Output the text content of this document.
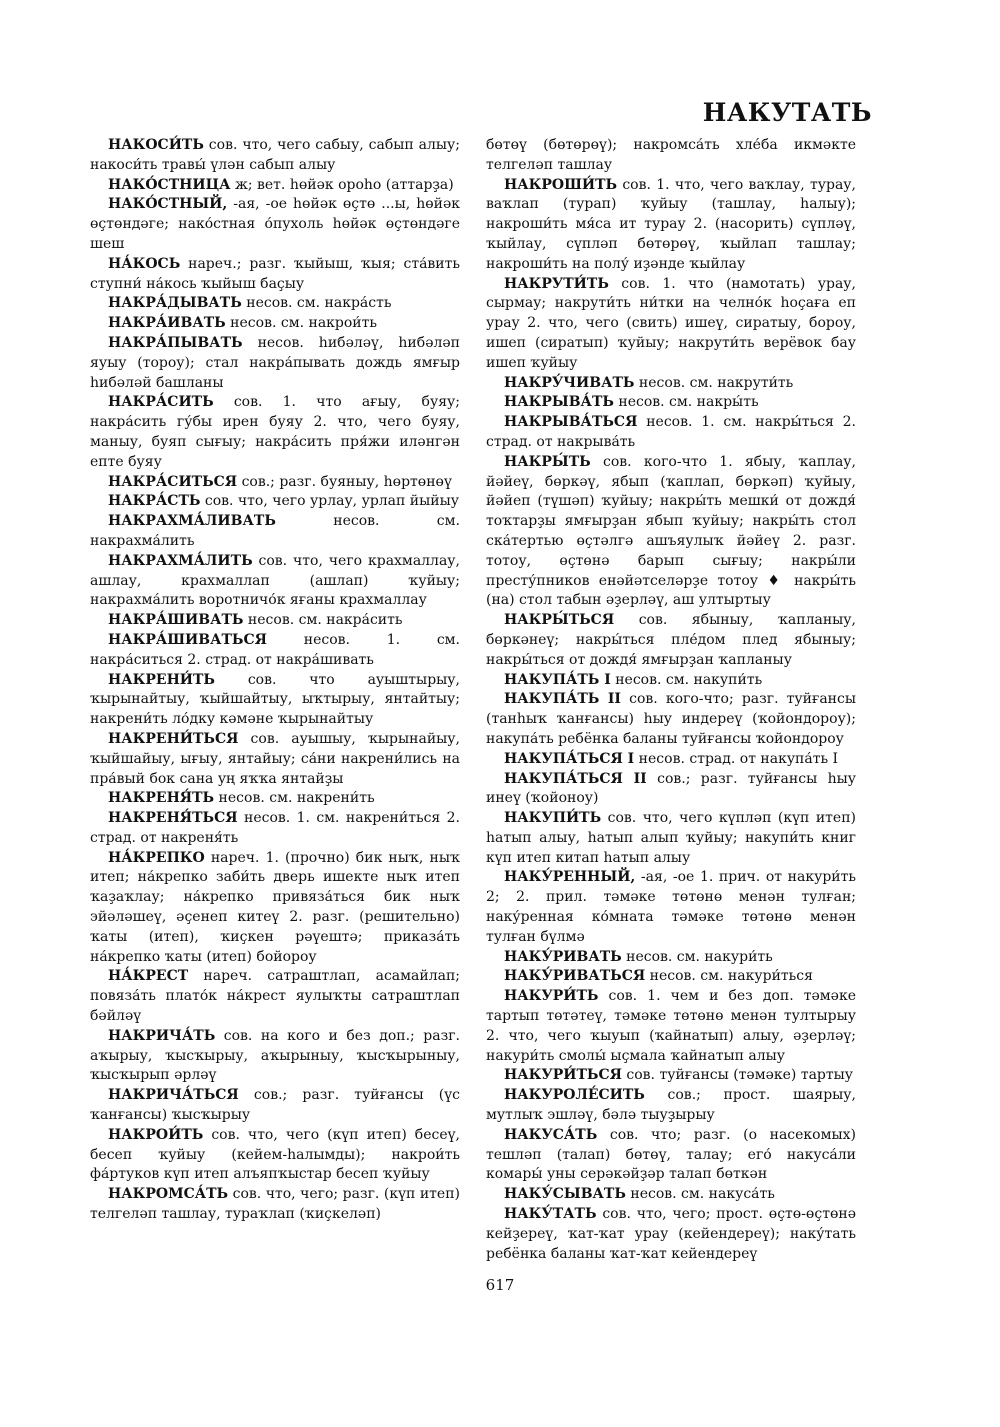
НАКУТАТЬ

НАКОСИ́ТЬ сов. что, чего сабыу, сабып алыу; накоси́ть травы́ үлән сабып алыу

НАКО́СТНИЦА ж; вет. һөйәк ороһо (аттарҙа)

НАКО́СТНЫЙ, -ая, -ое һөйәк өҫтө ...ы, һөйәк өҫтөндәге; нако́стная о́пухоль һөйәк өҫтөндәге шеш

НА́КОСЬ нареч.; разг. ҡыйыш, ҡыя; ста́вить ступни́ на́кось ҡыйыш баҫыу

НАКРА́ДЫВАТЬ несов. см. накра́сть

НАКРА́ИВАТЬ несов. см. накрои́ть

НАКРА́ПЫВАТЬ несов. һибәләү, һибәләп яуыу (тороу); стал накра́пывать дождь ямғыр һибәләй башланы

НАКРА́СИТЬ сов. 1. что ағыу, буяу; накра́сить гу́бы ирен буяу 2. что, чего буяу, маныу, буяп сығыу; накра́сить пря́жи иләнгән епте буяу

НАКРА́СИТЬСЯ сов.; разг. буяныу, һөртөнөү

НАКРА́СТЬ сов. что, чего урлау, урлап йыйыу

НАКРАХМА́ЛИВАТЬ несов. см. накрахма́лить

НАКРАХМА́ЛИТЬ сов. что, чего крахмаллау, ашлау, крахмаллап (ашлап) ҡуйыу; накрахма́лить воротничо́к яғаны крахмаллау

НАКРА́ШИВАТЬ несов. см. накра́сить

НАКРА́ШИВАТЬСЯ несов. 1. см. накра́ситься 2. страд. от накра́шивать

НАКРЕНИ́ТЬ сов. что ауыштырыу, ҡырынайтыу, ҡыйшайтыу, ыҡтырыу, янтайтыу; накрени́ть ло́дку кәмәне ҡырынайтыу

НАКРЕНИ́ТЬСЯ сов. ауышыу, ҡырынайыу, ҡыйшайыу, ығыу, янтайыу; са́ни накрени́лись на пра́вый бок сана уң яҡҡа янтайҙы

НАКРЕНЯ́ТЬ несов. см. накрени́ть

НАКРЕНЯ́ТЬСЯ несов. 1. см. накрени́ться 2. страд. от накреня́ть

НА́КРЕПКО нареч. 1. (прочно) бик ныҡ, ныҡ итеп; на́крепко заби́ть дверь ишекте ныҡ итеп ҡаҙаҡлау; на́крепко привяза́ться бик ныҡ эйәләшеү, әҫенеп китеү 2. разг. (решительно) ҡаты (итеп), ҡиҫкен рәүештә; приказа́ть на́крепко ҡаты (итеп) бойороу

НА́КРЕСТ нареч. сатраштлап, асамайлап; повяза́ть плато́к на́крест яулыҡты сатраштлап бәйләү

НАКРИЧА́ТЬ сов. на кого и без доп.; разг. аҡырыу, ҡысҡырыу, аҡырыныу, ҡысҡырыныу, ҡысҡырып әрләү

НАКРИЧА́ТЬСЯ сов.; разг. туйғансы (үс ҡанғансы) ҡысҡырыу

НАКРОИ́ТЬ сов. что, чего (күп итеп) бесеү, бесеп ҡуйыу (кейем-һалымды); накрои́ть фа́ртуков күп итеп алъяпҡыстар бесеп ҡуйыу

НАКРОМСА́ТЬ сов. что, чего; разг. (күп итеп) телгеләп ташлау, тураҡлап (ҡиҫкеләп)

бөтөү (бөтөрөү); накромса́ть хле́ба икмәкте телгеләп ташлау

НАКРОШИ́ТЬ сов. 1. что, чего ваҡлау, турау, ваҡлап (турап) ҡуйыу (ташлау, һалыу); накроши́ть мя́са ит турау 2. (насорить) сүпләү, ҡыйлау, сүпләп бөтөрөү, ҡыйлап ташлау; накроши́ть на полу́ иҙәнде ҡыйлау

НАКРУТИ́ТЬ сов. 1. что (намотать) урау, сырмау; накрути́ть ни́тки на челно́к һоҫаға еп урау 2. что, чего (свить) ишеү, сиратыу, бороу, ишеп (сиратып) ҡуйыу; накрути́ть верёвок бау ишеп ҡуйыу

НАКРУ́ЧИВАТЬ несов. см. накрути́ть

НАКРЫВА́ТЬ несов. см. накры́ть

НАКРЫВА́ТЬСЯ несов. 1. см. накры́ться 2. страд. от накрыва́ть

НАКРЫ́ТЬ сов. кого-что 1. ябыу, ҡаплау, йәйеү, бөркәү, ябып (ҡаплап, бөркәп) ҡуйыу, йәйеп (түшәп) ҡуйыу; накры́ть мешки́ от дождя́ тоҡтарҙы ямғырҙан ябып ҡуйыу; накры́ть стол ска́тертью өҫтәлгә ашъяулыҡ йәйеү 2. разг. тотоу, өҫтөнә барып сығыу; накры́ли престу́пников енәйәтселәрҙе тотоу ♦ накры́ть (на) стол табын әҙерләү, аш ултыртыу

НАКРЫ́ТЬСЯ сов. ябыныу, ҡапланыу, бөркәнеү; накры́ться пле́дом плед ябыныу; накры́ться от дождя́ ямғырҙан ҡапланыу

НАКУПА́ТЬ I несов. см. накупи́ть

НАКУПА́ТЬ II сов. кого-что; разг. туйғансы (танһыҡ ҡанғансы) һыу индереү (ҡойондороу); накупа́ть ребёнка баланы туйғансы ҡойондороу

НАКУПА́ТЬСЯ I несов. страд. от накупа́ть I

НАКУПА́ТЬСЯ II сов.; разг. туйғансы һыу инеү (ҡойоноу)

НАКУПИ́ТЬ сов. что, чего күпләп (күп итеп) һатып алыу, һатып алып ҡуйыу; накупи́ть книг күп итеп китап һатып алыу

НАКУ́РЕННЫЙ, -ая, -ое 1. прич. от накури́ть 2; 2. прил. тәмәке төтөнө менән тулған; наку́ренная ко́мната тәмәке төтөнө менән тулған бүлмә

НАКУ́РИВАТЬ несов. см. накури́ть

НАКУ́РИВАТЬСЯ несов. см. накури́ться

НАКУРИ́ТЬ сов. 1. чем и без доп. тәмәке тартып төтәтеү, тәмәке төтөнө менән тултырыу 2. что, чего ҡыуып (ҡайнатып) алыу, әҙерләү; накури́ть смолы́ ыҫмала ҡайнатып алыу

НАКУРИ́ТЬСЯ сов. туйғансы (тәмәке) тартыу

НАКУРОЛЕ́СИТЬ сов.; прост. шаярыу, мутлыҡ эшләү, бәлә тыуҙырыу

НАКУСА́ТЬ сов. что; разг. (о насекомых) тешләп (талап) бөтөү, талау; его́ накуса́ли комары́ уны серәкәйҙәр талап бөткән

НАКУ́СЫВАТЬ несов. см. накуса́ть

НАКУ́ТАТЬ сов. что, чего; прост. өҫтө-өҫтөнә кейҙереү, ҡат-ҡат урау (кейендереү); наку́тать ребёнка баланы ҡат-ҡат кейендереү

617
